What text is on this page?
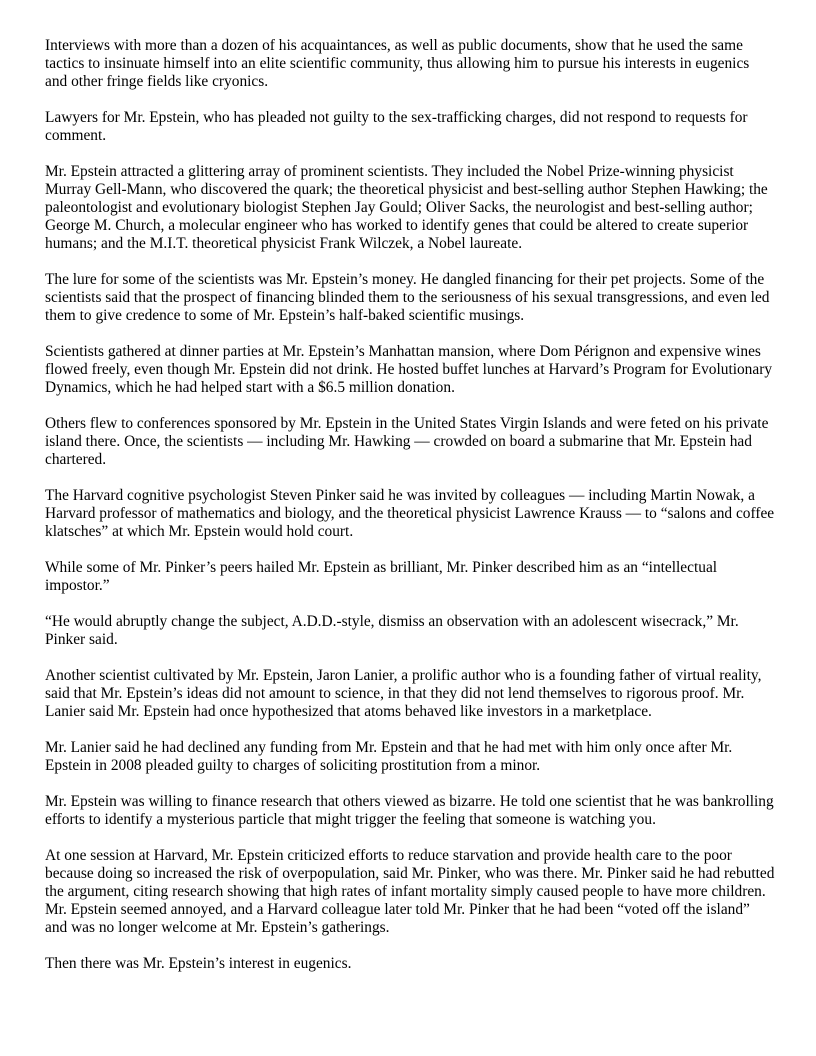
Interviews with more than a dozen of his acquaintances, as well as public documents, show that he used the same tactics to insinuate himself into an elite scientific community, thus allowing him to pursue his interests in eugenics and other fringe fields like cryonics.

Lawyers for Mr. Epstein, who has pleaded not guilty to the sex-trafficking charges, did not respond to requests for comment.

Mr. Epstein attracted a glittering array of prominent scientists. They included the Nobel Prize-winning physicist Murray Gell-Mann, who discovered the quark; the theoretical physicist and best-selling author Stephen Hawking; the paleontologist and evolutionary biologist Stephen Jay Gould; Oliver Sacks, the neurologist and best-selling author; George M. Church, a molecular engineer who has worked to identify genes that could be altered to create superior humans; and the M.I.T. theoretical physicist Frank Wilczek, a Nobel laureate.

The lure for some of the scientists was Mr. Epstein’s money. He dangled financing for their pet projects. Some of the scientists said that the prospect of financing blinded them to the seriousness of his sexual transgressions, and even led them to give credence to some of Mr. Epstein’s half-baked scientific musings.

Scientists gathered at dinner parties at Mr. Epstein’s Manhattan mansion, where Dom Pérignon and expensive wines flowed freely, even though Mr. Epstein did not drink. He hosted buffet lunches at Harvard’s Program for Evolutionary Dynamics, which he had helped start with a $6.5 million donation.

Others flew to conferences sponsored by Mr. Epstein in the United States Virgin Islands and were feted on his private island there. Once, the scientists — including Mr. Hawking — crowded on board a submarine that Mr. Epstein had chartered.

The Harvard cognitive psychologist Steven Pinker said he was invited by colleagues — including Martin Nowak, a Harvard professor of mathematics and biology, and the theoretical physicist Lawrence Krauss — to “salons and coffee klatsches” at which Mr. Epstein would hold court.

While some of Mr. Pinker’s peers hailed Mr. Epstein as brilliant, Mr. Pinker described him as an “intellectual impostor.”

“He would abruptly change the subject, A.D.D.-style, dismiss an observation with an adolescent wisecrack,” Mr. Pinker said.

Another scientist cultivated by Mr. Epstein, Jaron Lanier, a prolific author who is a founding father of virtual reality, said that Mr. Epstein’s ideas did not amount to science, in that they did not lend themselves to rigorous proof. Mr. Lanier said Mr. Epstein had once hypothesized that atoms behaved like investors in a marketplace.

Mr. Lanier said he had declined any funding from Mr. Epstein and that he had met with him only once after Mr. Epstein in 2008 pleaded guilty to charges of soliciting prostitution from a minor.

Mr. Epstein was willing to finance research that others viewed as bizarre. He told one scientist that he was bankrolling efforts to identify a mysterious particle that might trigger the feeling that someone is watching you.

At one session at Harvard, Mr. Epstein criticized efforts to reduce starvation and provide health care to the poor because doing so increased the risk of overpopulation, said Mr. Pinker, who was there. Mr. Pinker said he had rebutted the argument, citing research showing that high rates of infant mortality simply caused people to have more children. Mr. Epstein seemed annoyed, and a Harvard colleague later told Mr. Pinker that he had been “voted off the island” and was no longer welcome at Mr. Epstein’s gatherings.

Then there was Mr. Epstein’s interest in eugenics.
